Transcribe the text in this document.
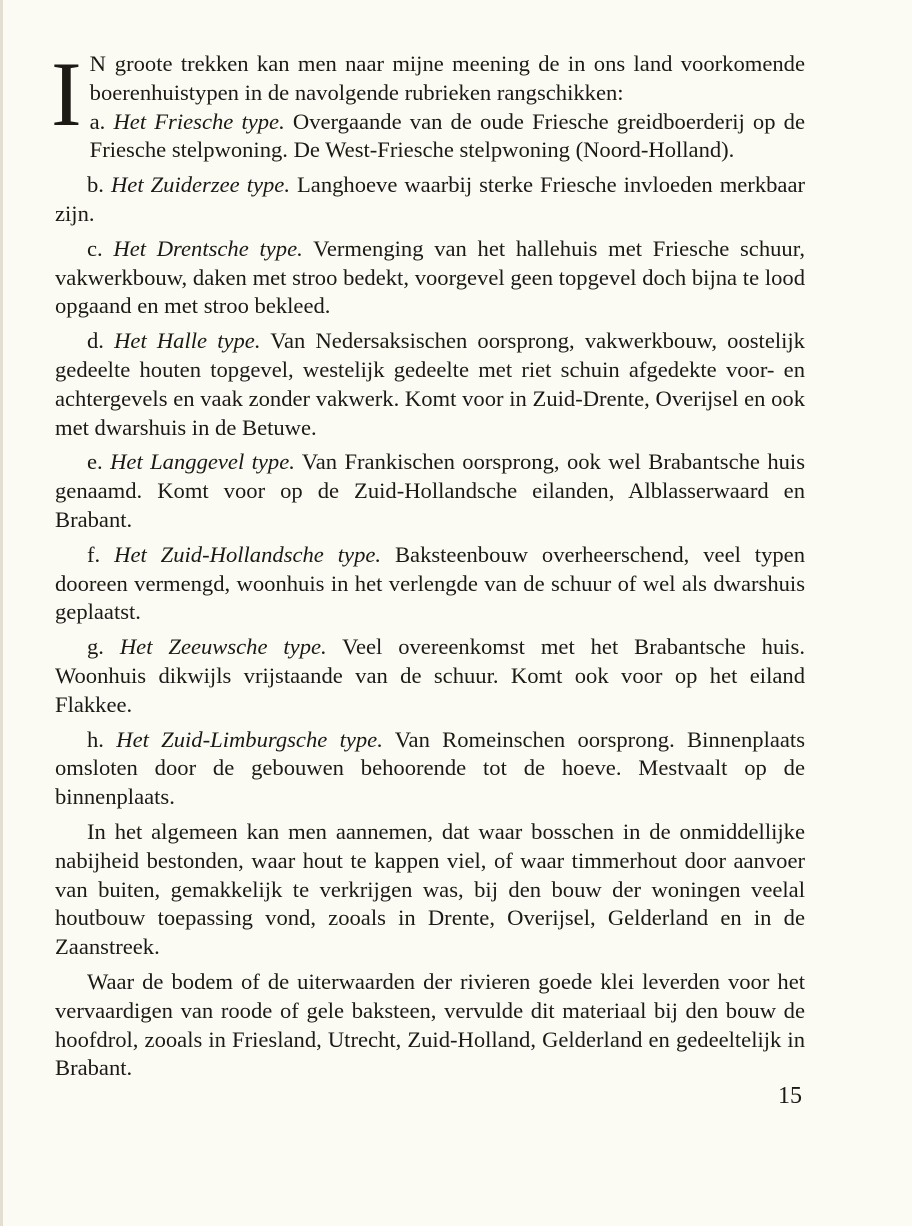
I N groote trekken kan men naar mijne meening de in ons land voorkomende boerenhuistypen in de navolgende rubrieken rangschikken:
a. Het Friesche type. Overgaande van de oude Friesche greidboerderij op de Friesche stelpwoning. De West-Friesche stelpwoning (Noord-Holland).

b. Het Zuiderzee type. Langhoeve waarbij sterke Friesche invloeden merkbaar zijn.

c. Het Drentsche type. Vermenging van het hallehuis met Friesche schuur, vakwerkbouw, daken met stroo bedekt, voorgevel geen topgevel doch bijna te lood opgaand en met stroo bekleed.

d. Het Halle type. Van Nedersaksischen oorsprong, vakwerkbouw, oostelijk gedeelte houten topgevel, westelijk gedeelte met riet schuin afgedekte voor- en achtergevels en vaak zonder vakwerk. Komt voor in Zuid-Drente, Overijsel en ook met dwarshuis in de Betuwe.

e. Het Langgevel type. Van Frankischen oorsprong, ook wel Brabantsche huis genaamd. Komt voor op de Zuid-Hollandsche eilanden, Alblasserwaard en Brabant.

f. Het Zuid-Hollandsche type. Baksteenbouw overheerschend, veel typen dooreen vermengd, woonhuis in het verlengde van de schuur of wel als dwarshuis geplaatst.

g. Het Zeeuwsche type. Veel overeenkomst met het Brabantsche huis. Woonhuis dikwijls vrijstaande van de schuur. Komt ook voor op het eiland Flakkee.

h. Het Zuid-Limburgsche type. Van Romeinschen oorsprong. Binnenplaats omsloten door de gebouwen behoorende tot de hoeve. Mestvaalt op de binnenplaats.

In het algemeen kan men aannemen, dat waar bosschen in de onmiddellijke nabijheid bestonden, waar hout te kappen viel, of waar timmerhout door aanvoer van buiten, gemakkelijk te verkrijgen was, bij den bouw der woningen veelal houtbouw toepassing vond, zooals in Drente, Overijsel, Gelderland en in de Zaanstreek.

Waar de bodem of de uiterwaarden der rivieren goede klei leverden voor het vervaardigen van roode of gele baksteen, vervulde dit materiaal bij den bouw de hoofdrol, zooals in Friesland, Utrecht, Zuid-Holland, Gelderland en gedeeltelijk in Brabant.

15
